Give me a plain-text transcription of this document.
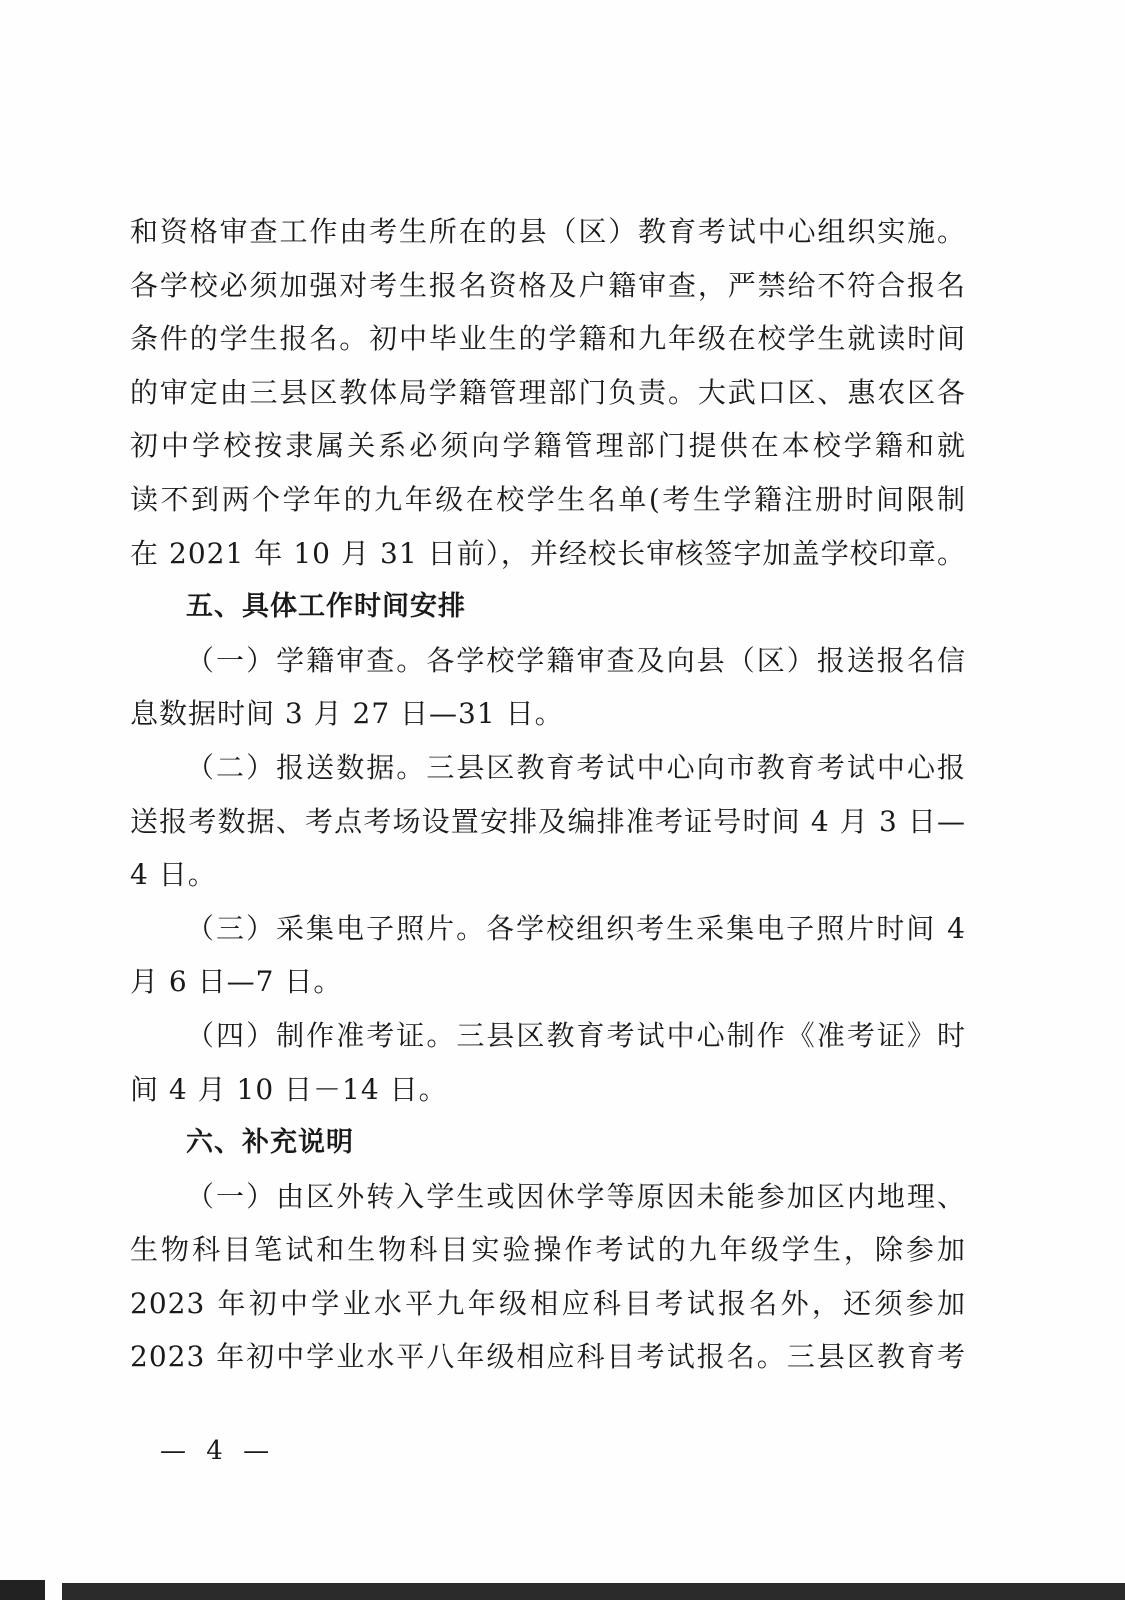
和资格审查工作由考生所在的县（区）教育考试中心组织实施。
各学校必须加强对考生报名资格及户籍审查，严禁给不符合报名
条件的学生报名。初中毕业生的学籍和九年级在校学生就读时间
的审定由三县区教体局学籍管理部门负责。大武口区、惠农区各
初中学校按隶属关系必须向学籍管理部门提供在本校学籍和就
读不到两个学年的九年级在校学生名单(考生学籍注册时间限制
在 2021 年 10 月 31 日前），并经校长审核签字加盖学校印章。
五、具体工作时间安排
（一）学籍审查。各学校学籍审查及向县（区）报送报名信
息数据时间 3 月 27 日—31 日。
（二）报送数据。三县区教育考试中心向市教育考试中心报
送报考数据、考点考场设置安排及编排准考证号时间 4 月 3 日—
4 日。
（三）采集电子照片。各学校组织考生采集电子照片时间 4
月 6 日—7 日。
（四）制作准考证。三县区教育考试中心制作《准考证》时
间 4 月 10 日－14 日。
六、补充说明
（一）由区外转入学生或因休学等原因未能参加区内地理、
生物科目笔试和生物科目实验操作考试的九年级学生，除参加
2023 年初中学业水平九年级相应科目考试报名外，还须参加
2023 年初中学业水平八年级相应科目考试报名。三县区教育考
— 4 —
